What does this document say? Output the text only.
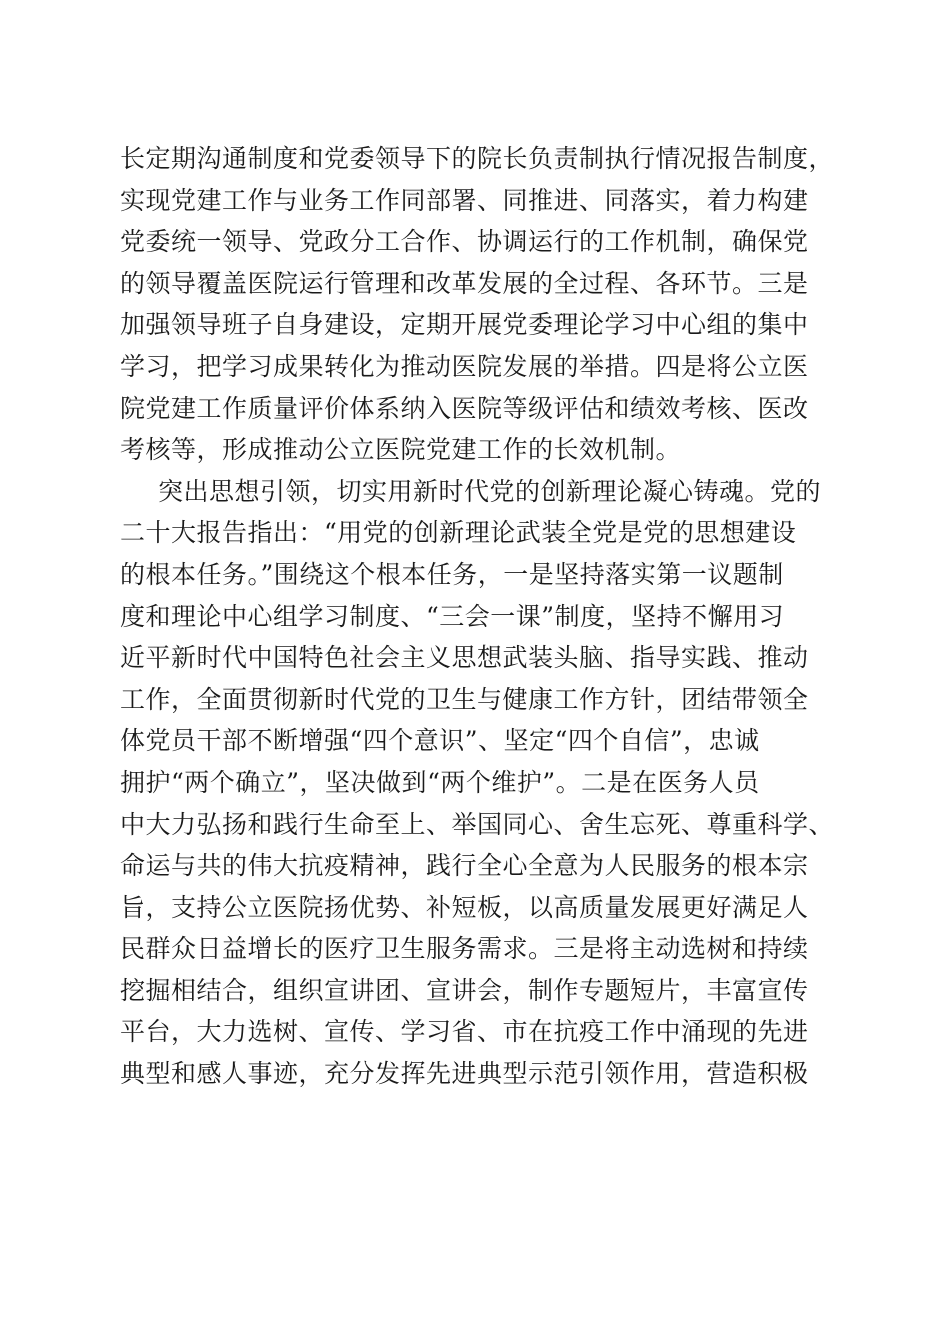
长定期沟通制度和党委领导下的院长负责制执行情况报告制度，
实现党建工作与业务工作同部署、同推进、同落实，着力构建
党委统一领导、党政分工合作、协调运行的工作机制，确保党
的领导覆盖医院运行管理和改革发展的全过程、各环节。三是
加强领导班子自身建设，定期开展党委理论学习中心组的集中
学习，把学习成果转化为推动医院发展的举措。四是将公立医
院党建工作质量评价体系纳入医院等级评估和绩效考核、医改
考核等，形成推动公立医院党建工作的长效机制。
突出思想引领，切实用新时代党的创新理论凝心铸魂。党的
二十大报告指出：“用党的创新理论武装全党是党的思想建设
的根本任务。”围绕这个根本任务，一是坚持落实第一议题制
度和理论中心组学习制度、“三会一课”制度，坚持不懈用习
近平新时代中国特色社会主义思想武装头脑、指导实践、推动
工作，全面贯彻新时代党的卫生与健康工作方针，团结带领全
体党员干部不断增强“四个意识”、坚定“四个自信”，忠诚
拥护“两个确立”，坚决做到“两个维护”。二是在医务人员
中大力弘扬和践行生命至上、举国同心、舍生忘死、尊重科学、
命运与共的伟大抗疫精神，践行全心全意为人民服务的根本宗
旨，支持公立医院扬优势、补短板，以高质量发展更好满足人
民群众日益增长的医疗卫生服务需求。三是将主动选树和持续
挖掘相结合，组织宣讲团、宣讲会，制作专题短片，丰富宣传
平台，大力选树、宣传、学习省、市在抗疫工作中涌现的先进
典型和感人事迹，充分发挥先进典型示范引领作用，营造积极
